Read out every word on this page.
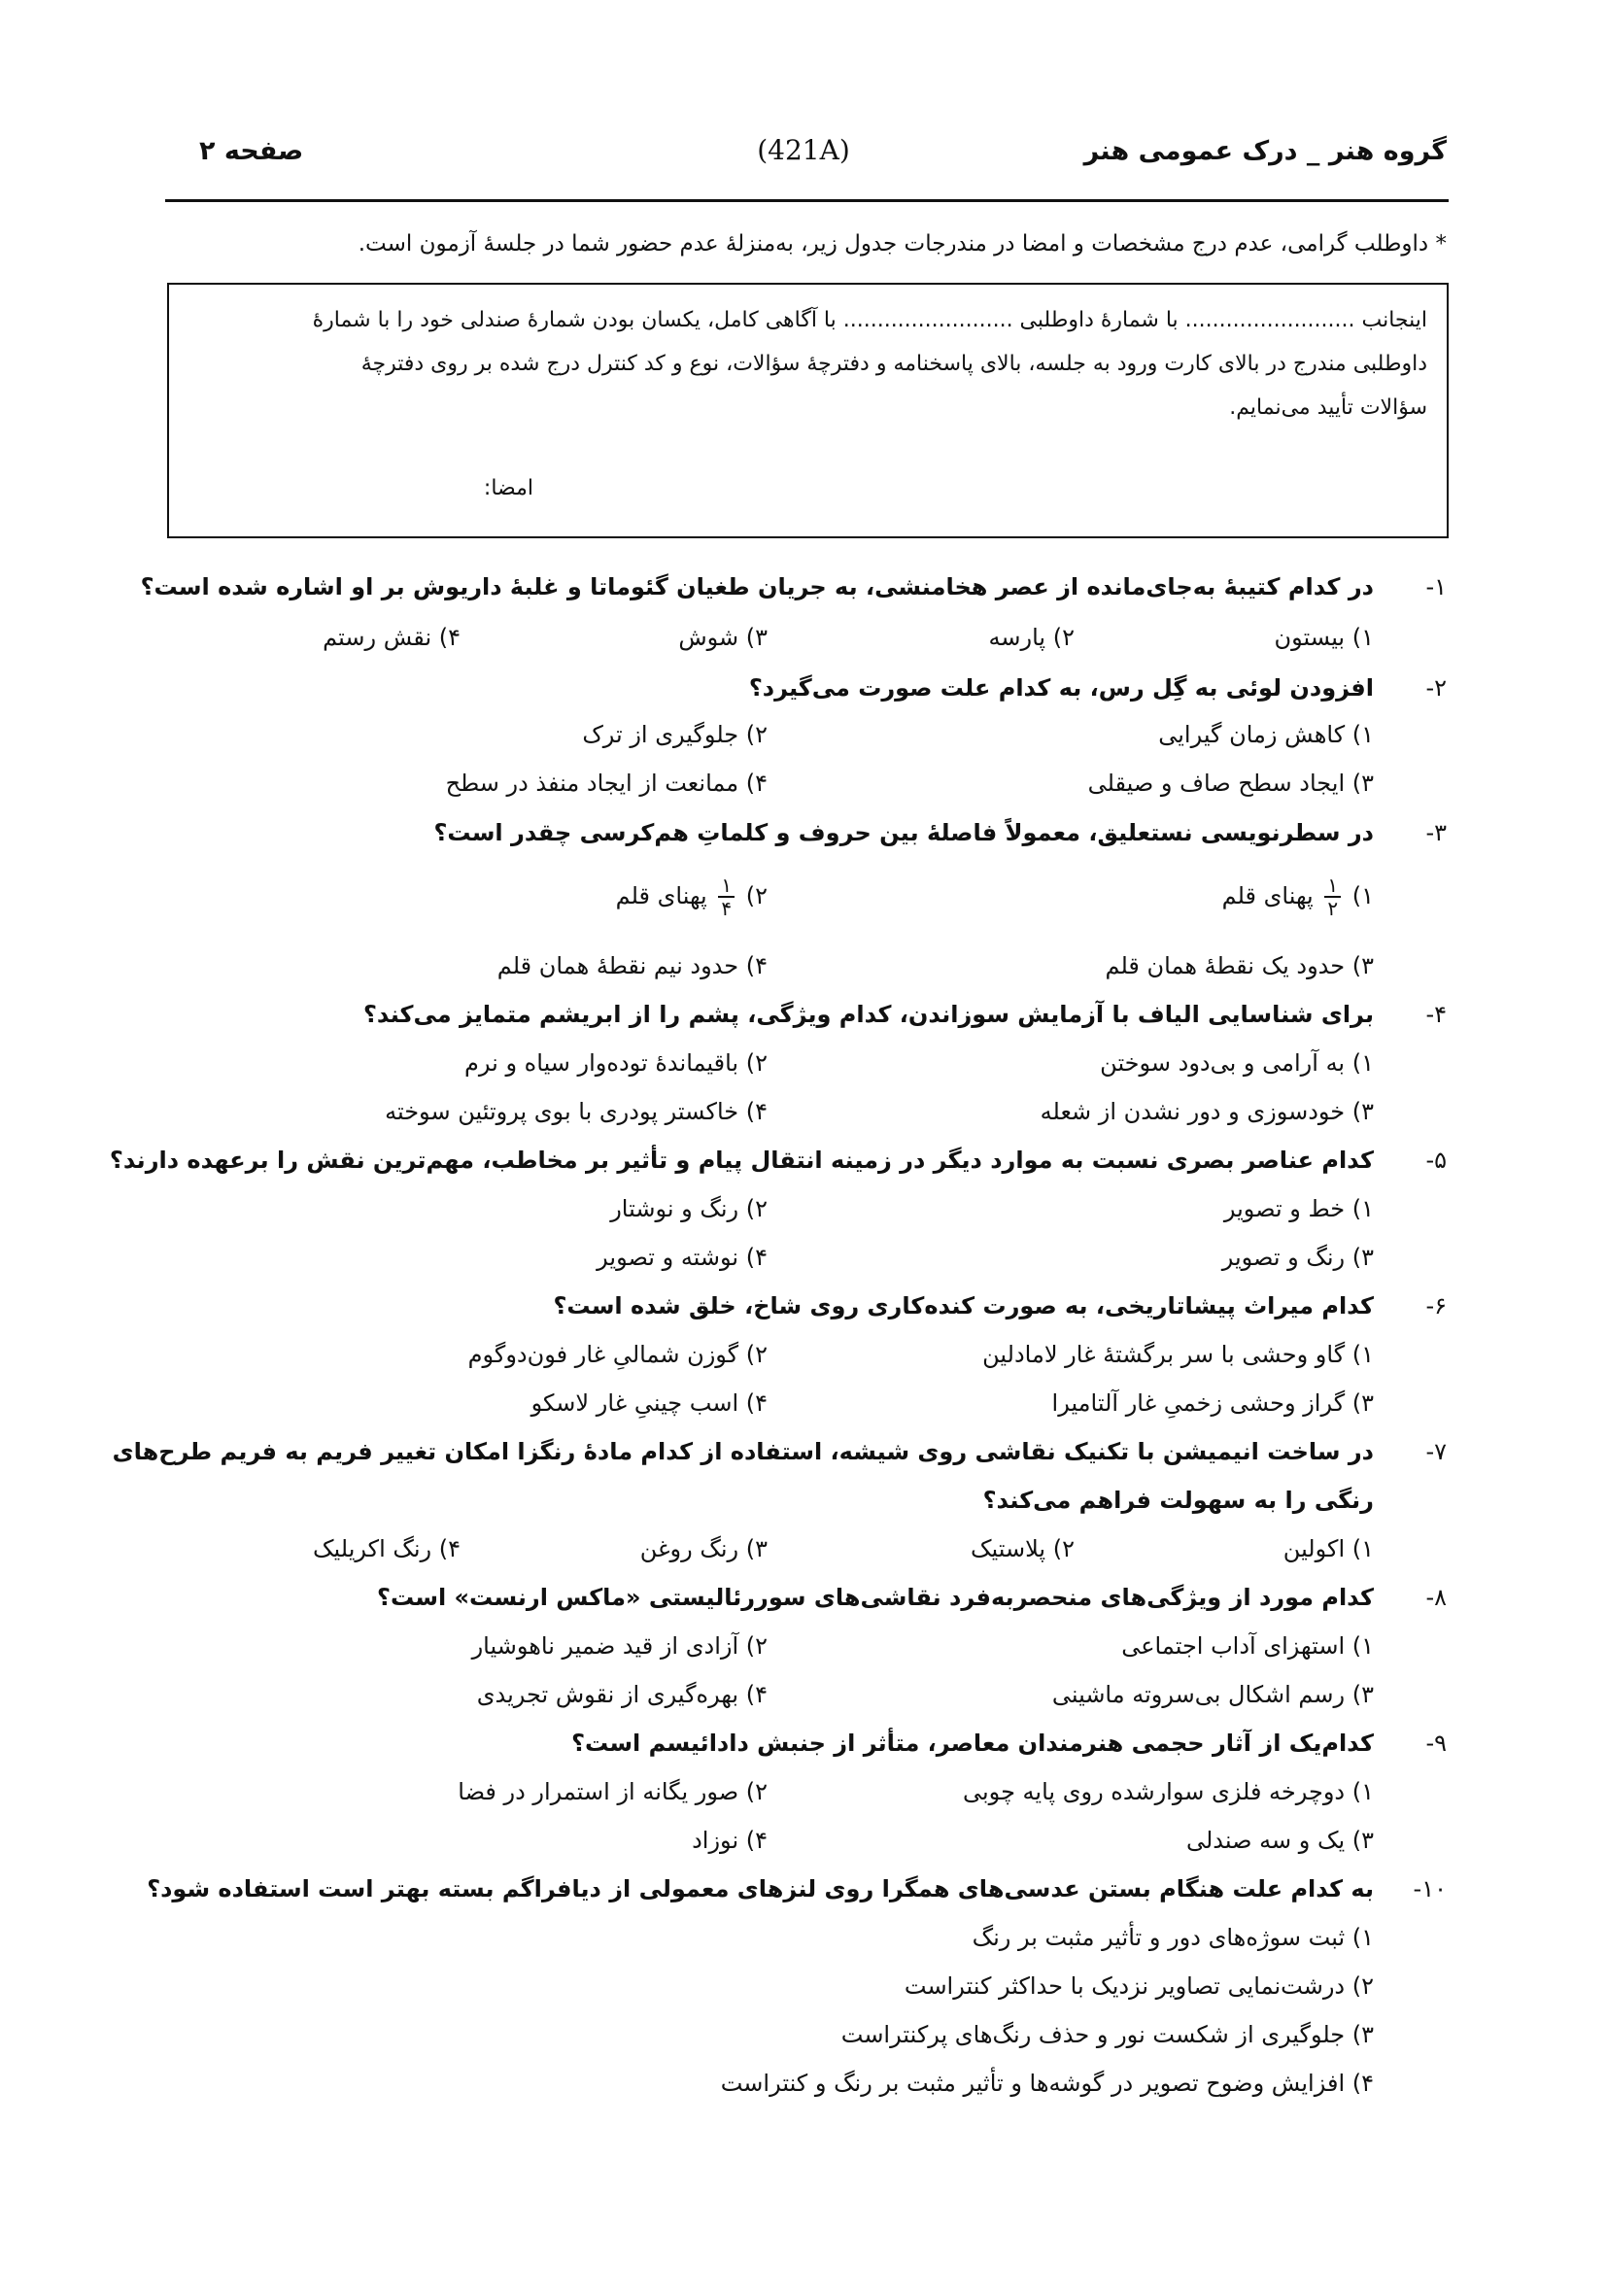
گروه هنر _ درک عمومی هنر
(421A)
صفحه ۲
* داوطلب گرامی، عدم درج مشخصات و امضا در مندرجات جدول زیر، به‌منزلهٔ عدم حضور شما در جلسهٔ آزمون است.
اینجانب ......................... با شمارهٔ داوطلبی ......................... با آگاهی کامل، یکسان بودن شمارهٔ صندلی خود را با شمارهٔ
داوطلبی مندرج در بالای کارت ورود به جلسه، بالای پاسخنامه و دفترچهٔ سؤالات، نوع و کد کنترل درج شده بر روی دفترچهٔ
سؤالات تأیید می‌نمایم.
امضا:
۱-
در کدام کتیبهٔ به‌جای‌مانده از عصر هخامنشی، به جریان طغیان گئوماتا و غلبهٔ داریوش بر او اشاره شده است؟
۱) بیستون
۲) پارسه
۳) شوش
۴) نقش رستم
۲-
افزودن لوئی به گِل رس، به کدام علت صورت می‌گیرد؟
۱) کاهش زمان گیرایی
۲) جلوگیری از ترک
۳) ایجاد سطح صاف و صیقلی
۴) ممانعت از ایجاد منفذ در سطح
۳-
در سطرنویسی نستعلیق، معمولاً فاصلهٔ بین حروف و کلماتِ هم‌کرسی چقدر است؟
۱)
$\frac{۱}{۲}$
پهنای قلم
۲)
$\frac{۱}{۴}$
پهنای قلم
۳) حدود یک نقطهٔ همان قلم
۴) حدود نیم نقطهٔ همان قلم
۴-
برای شناسایی الیاف با آزمایش سوزاندن، کدام ویژگی، پشم را از ابریشم متمایز می‌کند؟
۱) به آرامی و بی‌دود سوختن
۲) باقیماندهٔ توده‌وار سیاه و نرم
۳) خودسوزی و دور نشدن از شعله
۴) خاکستر پودری با بوی پروتئین سوخته
۵-
کدام عناصر بصری نسبت به موارد دیگر در زمینه انتقال پیام و تأثیر بر مخاطب، مهم‌ترین نقش را برعهده دارند؟
۱) خط و تصویر
۲) رنگ و نوشتار
۳) رنگ و تصویر
۴) نوشته و تصویر
۶-
کدام میراث پیشاتاریخی، به صورت کنده‌کاری روی شاخ، خلق شده است؟
۱) گاو وحشی با سر برگشتهٔ غار لامادلین
۲) گوزن شمالیِ غار فون‌دوگوم
۳) گراز وحشی زخمیِ غار آلتامیرا
۴) اسب چینیِ غار لاسکو
۷-
در ساخت انیمیشن با تکنیک نقاشی روی شیشه، استفاده از کدام مادهٔ رنگزا امکان تغییر فریم به فریم طرح‌های
رنگی را به سهولت فراهم می‌کند؟
۱) اکولین
۲) پلاستیک
۳) رنگ روغن
۴) رنگ اکریلیک
۸-
کدام مورد از ویژگی‌های منحصربه‌فرد نقاشی‌های سوررئالیستی «ماکس ارنست» است؟
۱) استهزای آداب اجتماعی
۲) آزادی از قید ضمیر ناهوشیار
۳) رسم اشکال بی‌سروته ماشینی
۴) بهره‌گیری از نقوش تجریدی
۹-
کدام‌یک از آثار حجمی هنرمندان معاصر، متأثر از جنبش دادائیسم است؟
۱) دوچرخه فلزی سوارشده روی پایه چوبی
۲) صور یگانه از استمرار در فضا
۳) یک و سه صندلی
۴) نوزاد
۱۰-
به کدام علت هنگام بستن عدسی‌های همگرا روی لنزهای معمولی از دیافراگم بسته بهتر است استفاده شود؟
۱) ثبت سوژه‌های دور و تأثیر مثبت بر رنگ
۲) درشت‌نمایی تصاویر نزدیک با حداکثر کنتراست
۳) جلوگیری از شکست نور و حذف رنگ‌های پرکنتراست
۴) افزایش وضوح تصویر در گوشه‌ها و تأثیر مثبت بر رنگ و کنتراست
